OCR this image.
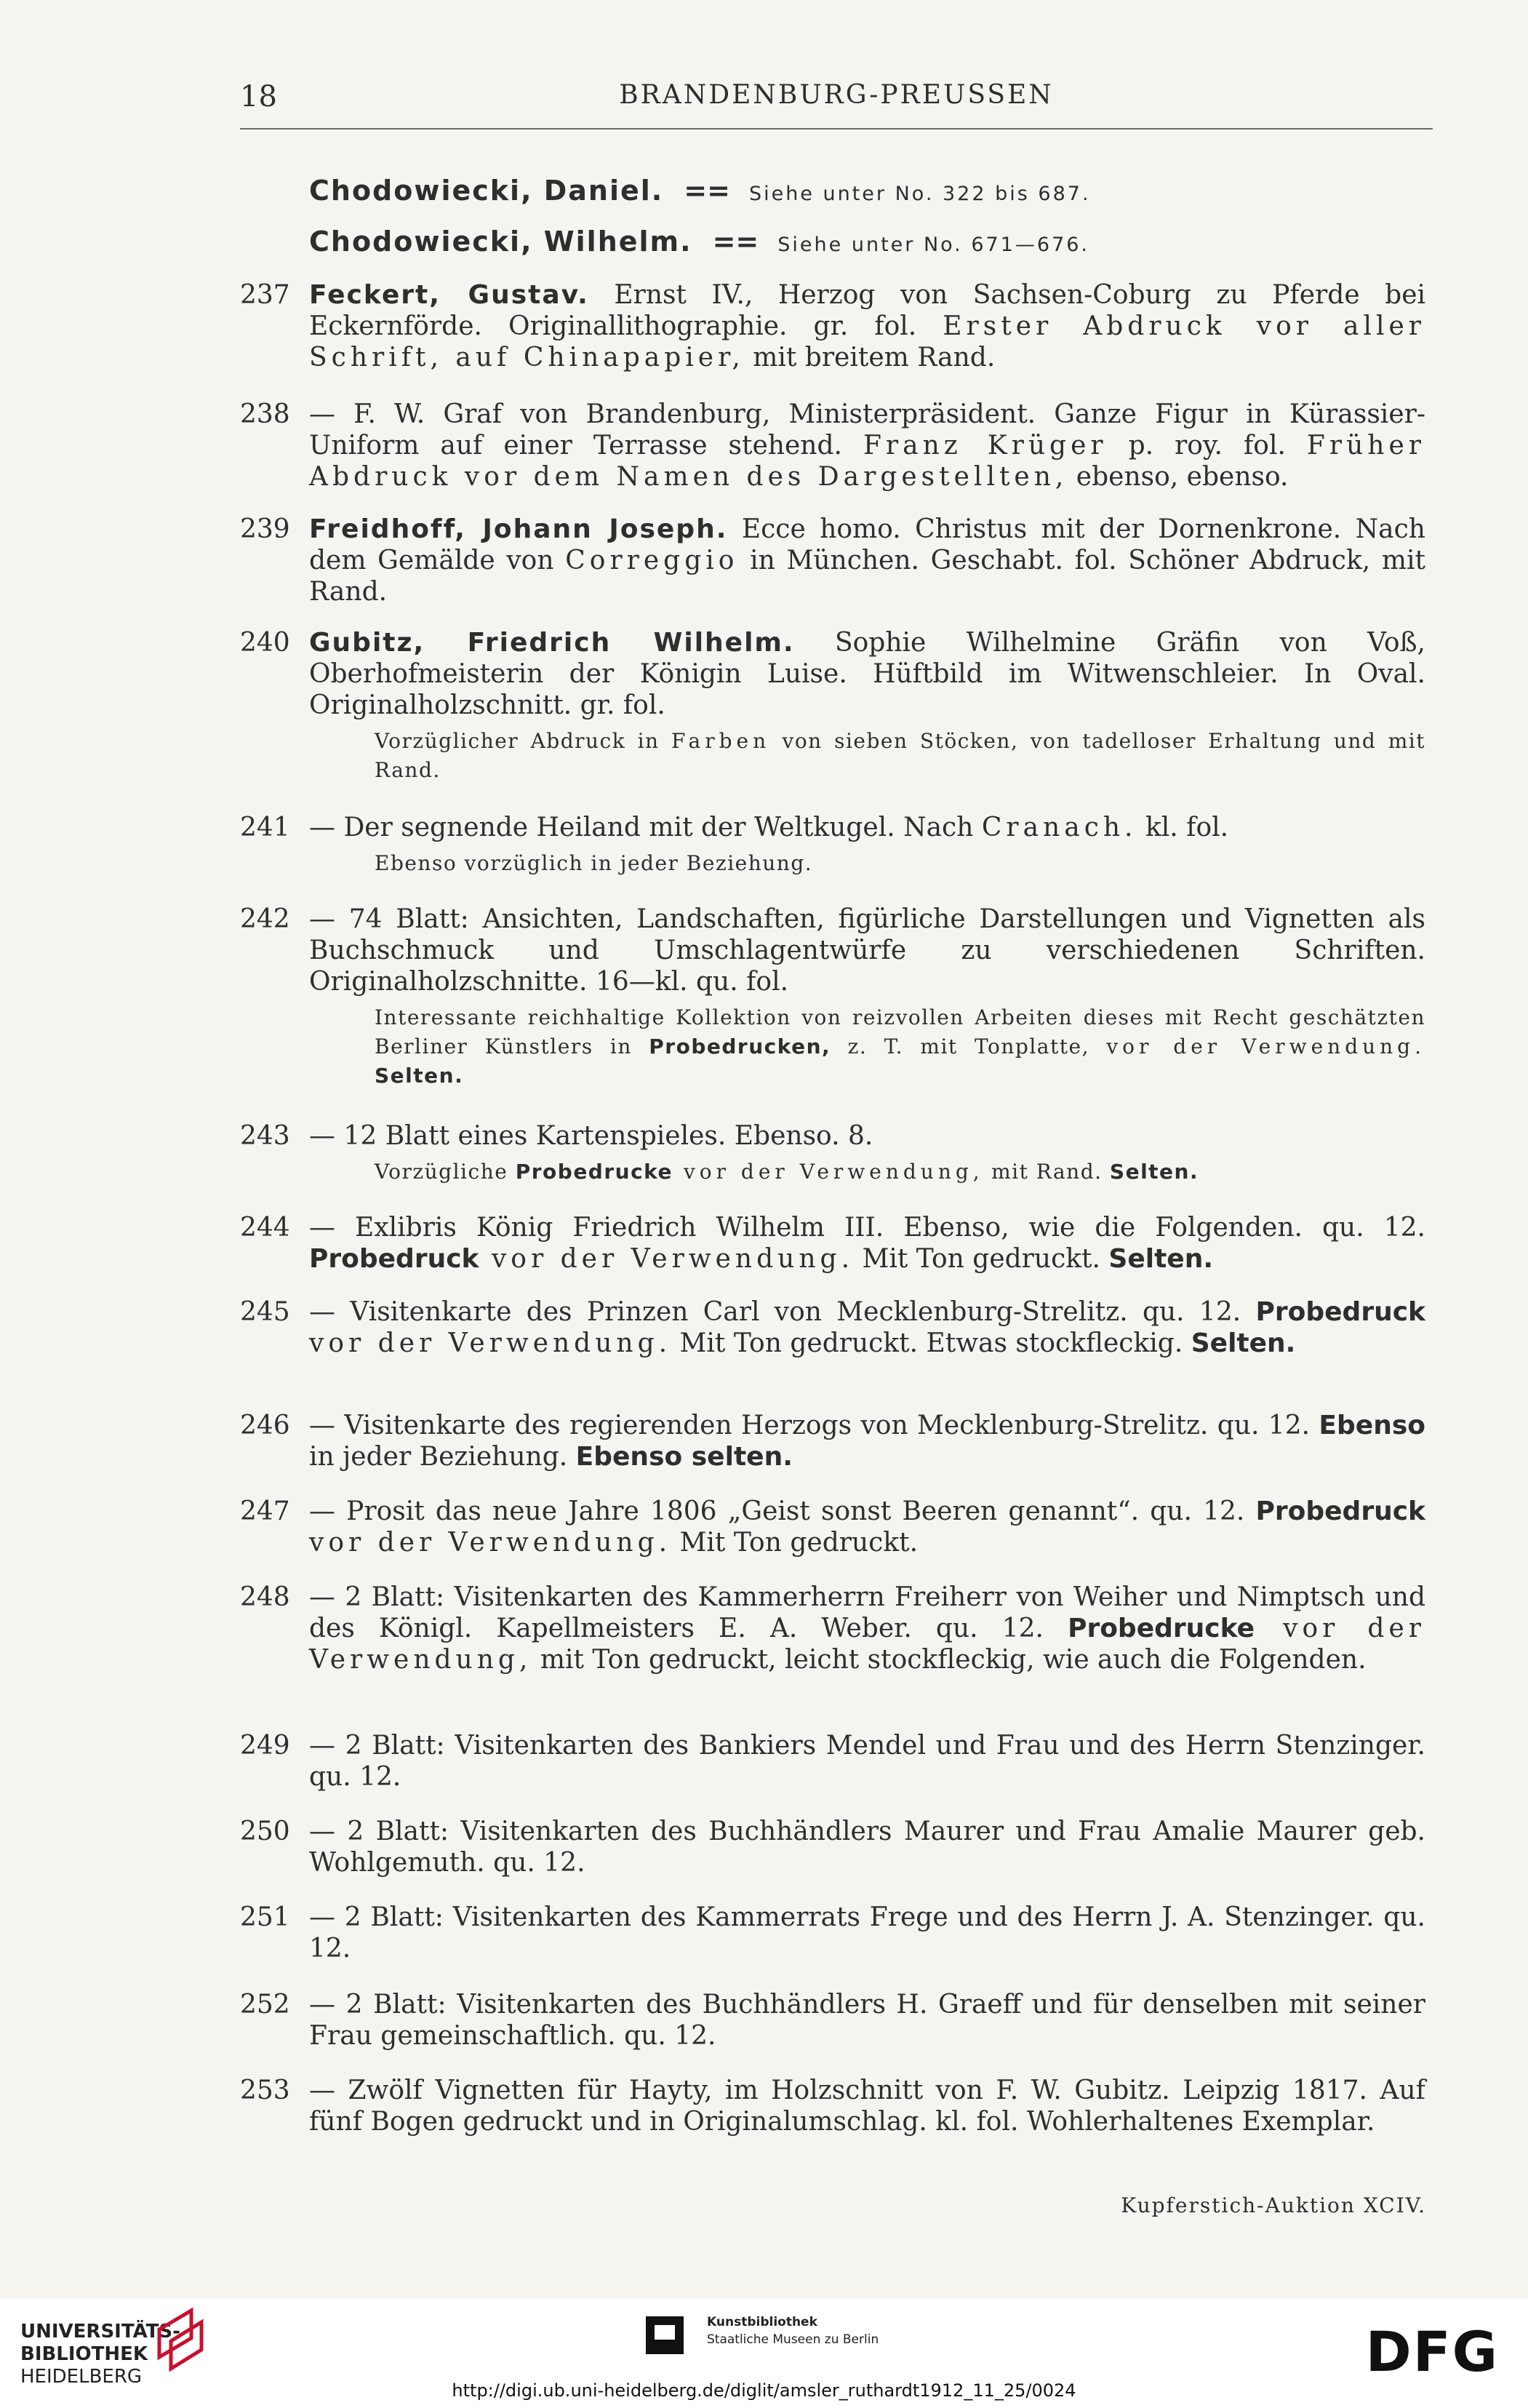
18	BRANDENBURG-PREUSSEN
Chodowiecki, Daniel. == Siehe unter No. 322 bis 687.
Chodowiecki, Wilhelm. == Siehe unter No. 671—676.
237 Feckert, Gustav. Ernst IV., Herzog von Sachsen-Coburg zu Pferde bei Eckernförde. Originallithographie. gr. fol. Erster Abdruck vor aller Schrift, auf Chinapapier, mit breitem Rand.
238 — F. W. Graf von Brandenburg, Ministerpräsident. Ganze Figur in Kürassier-Uniform auf einer Terrasse stehend. Franz Krüger p. roy. fol. Früher Abdruck vor dem Namen des Dargestellten, ebenso, ebenso.
239 Freidhoff, Johann Joseph. Ecce homo. Christus mit der Dornenkrone. Nach dem Gemälde von Correggio in München. Geschabt. fol. Schöner Abdruck, mit Rand.
240 Gubitz, Friedrich Wilhelm. Sophie Wilhelmine Gräfin von Voß, Oberhofmeisterin der Königin Luise. Hüftbild im Witwenschleier. In Oval. Originalholzschnitt. gr. fol.
Vorzüglicher Abdruck in Farben von sieben Stöcken, von tadelloser Erhaltung und mit Rand.
241 — Der segnende Heiland mit der Weltkugel. Nach Cranach. kl. fol.
Ebenso vorzüglich in jeder Beziehung.
242 — 74 Blatt: Ansichten, Landschaften, figürliche Darstellungen und Vignetten als Buchschmuck und Umschlagentwürfe zu verschiedenen Schriften. Originalholzschnitte. 16—kl. qu. fol.
Interessante reichhaltige Kollektion von reizvollen Arbeiten dieses mit Recht geschätzten Berliner Künstlers in Probedrucken, z. T. mit Tonplatte, vor der Verwendung. Selten.
243 — 12 Blatt eines Kartenspieles. Ebenso. 8.
Vorzügliche Probedrucke vor der Verwendung, mit Rand. Selten.
244 — Exlibris König Friedrich Wilhelm III. Ebenso, wie die Folgenden. qu. 12. Probedruck vor der Verwendung. Mit Ton gedruckt. Selten.
245 — Visitenkarte des Prinzen Carl von Mecklenburg-Strelitz. qu. 12. Probedruck vor der Verwendung. Mit Ton gedruckt. Etwas stockfleckig. Selten.
246 — Visitenkarte des regierenden Herzogs von Mecklenburg-Strelitz. qu. 12. Ebenso in jeder Beziehung. Ebenso selten.
247 — Prosit das neue Jahre 1806 „Geist sonst Beeren genannt“. qu. 12. Probedruck vor der Verwendung. Mit Ton gedruckt.
248 — 2 Blatt: Visitenkarten des Kammerherrn Freiherr von Weiher und Nimptsch und des Königl. Kapellmeisters E. A. Weber. qu. 12. Probedrucke vor der Verwendung, mit Ton gedruckt, leicht stockfleckig, wie auch die Folgenden.
249 — 2 Blatt: Visitenkarten des Bankiers Mendel und Frau und des Herrn Stenzinger. qu. 12.
250 — 2 Blatt: Visitenkarten des Buchhändlers Maurer und Frau Amalie Maurer geb. Wohlgemuth. qu. 12.
251 — 2 Blatt: Visitenkarten des Kammerrats Frege und des Herrn J. A. Stenzinger. qu. 12.
252 — 2 Blatt: Visitenkarten des Buchhändlers H. Graeff und für denselben mit seiner Frau gemeinschaftlich. qu. 12.
253 — Zwölf Vignetten für Hayty, im Holzschnitt von F. W. Gubitz. Leipzig 1817. Auf fünf Bogen gedruckt und in Originalumschlag. kl. fol. Wohlerhaltenes Exemplar.
Kupferstich-Auktion XCIV.
UNIVERSITÄTS-
BIBLIOTHEK
HEIDELBERG
Kunstbibliothek
Staatliche Museen zu Berlin	DFG
http://digi.ub.uni-heidelberg.de/diglit/amsler_ruthardt1912_11_25/0024
